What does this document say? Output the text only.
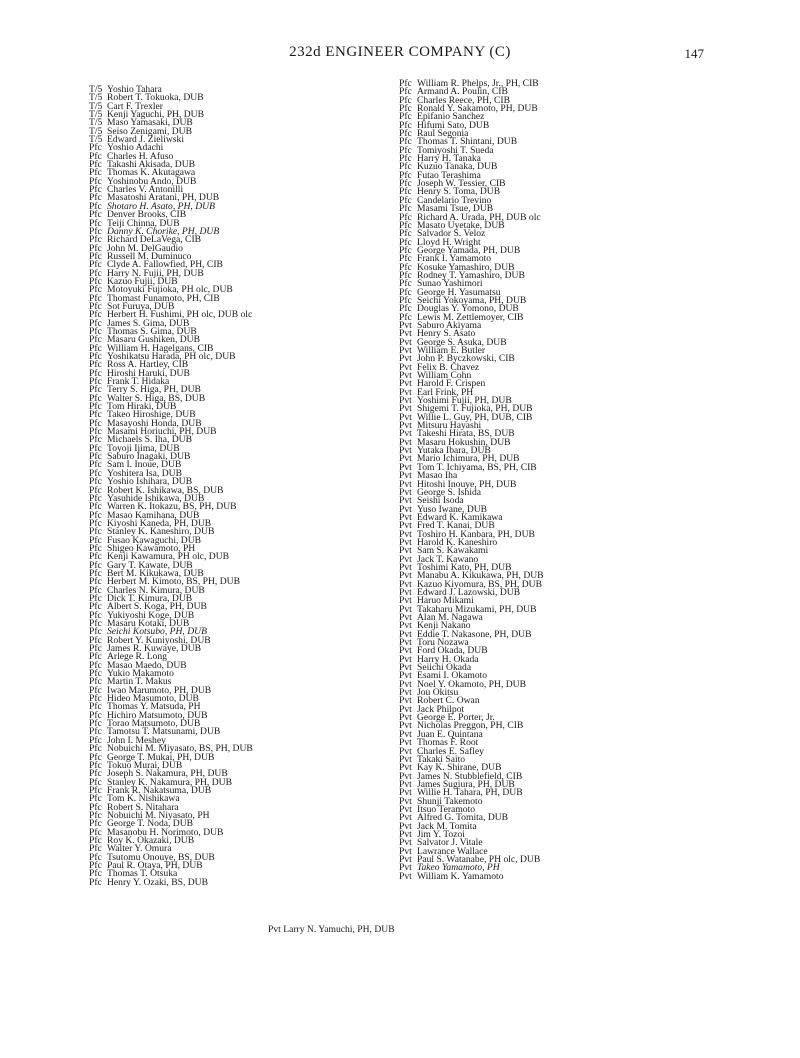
232d ENGINEER COMPANY (C)	147
T/5 Yoshio Tahara
T/5 Robert T. Tokuoka, DUB
T/5 Cart F. Trexler
T/5 Kenji Yaguchi, PH, DUB
T/5 Maso Yamasaki, DUB
T/5 Seiso Zenigami, DUB
T/5 Edward J. Zieliwski
Pfc Yoshio Adachi
Pfc Charles H. Afuso
Pfc Takashi Akisada, DUB
Pfc Thomas K. Akutagawa
Pfc Yoshinobu Ando, DUB
Pfc Charles V. Antonilli
Pfc Masatoshi Aratani, PH, DUB
Pfc Shotaro H. Asato, PH, DUB
Pfc Denver Brooks, CIB
Pfc Teiji Chinna, DUB
Pfc Danny K. Chorike, PH, DUB
Pfc Richard DeLaVega, CIB
Pfc John M. DelGaudio
Pfc Russell M. Duminuco
Pfc Clyde A. Fallowfied, PH, CIB
Pfc Harry N. Fujii, PH, DUB
Pfc Kazuo Fujii, DUB
Pfc Motoyuki Fujioka, PH olc, DUB
Pfc Thomast Funamoto, PH, CIB
Pfc Sot Furuya, DUB
Pfc Herbert H. Fushimi, PH olc, DUB olc
Pfc James S. Gima, DUB
Pfc Thomas S. Gima, DUB
Pfc Masaru Gushiken, DUB
Pfc William H. Hagelgans, CIB
Pfc Yoshikatsu Harada, PH olc, DUB
Pfc Ross A. Hartley, CIB
Pfc Hiroshi Haruki, DUB
Pfc Frank T. Hidaka
Pfc Terry S. Higa, PH, DUB
Pfc Walter S. Higa, BS, DUB
Pfc Tom Hiraki, DUB
Pfc Takeo Hiroshige, DUB
Pfc Masayoshi Honda, DUB
Pfc Masami Horiuchi, PH, DUB
Pfc Michaels S. Iha, DUB
Pfc Toyoji Ijima, DUB
Pfc Saburo Inagaki, DUB
Pfc Sam I. Inoue, DUB
Pfc Yoshitera Isa, DUB
Pfc Yoshio Ishihara, DUB
Pfc Robert K. Ishikawa, BS, DUB
Pfc Yasuhide Ishikawa, DUB
Pfc Warren K. Itokazu, BS, PH, DUB
Pfc Masao Kamihana, DUB
Pfc Kiyoshi Kaneda, PH, DUB
Pfc Stanley K. Kaneshiro, DUB
Pfc Fusao Kawaguchi, DUB
Pfc Shigeo Kawamoto, PH
Pfc Kenji Kawamura, PH olc, DUB
Pfc Gary T. Kawate, DUB
Pfc Bert M. Kikukawa, DUB
Pfc Herbert M. Kimoto, BS, PH, DUB
Pfc Charles N. Kimura, DUB
Pfc Dick T. Kimura, DUB
Pfc Albert S. Koga, PH, DUB
Pfc Yukiyoshi Koge, DUB
Pfc Masaru Kotaki, DUB
Pfc Seichi Kotsubo, PH, DUB
Pfc Robert Y. Kuniyoshi, DUB
Pfc James R. Kuwaye, DUB
Pfc Arlege R. Long
Pfc Masao Maedo, DUB
Pfc Yukio Makamoto
Pfc Martin T. Makus
Pfc Iwao Marumoto, PH, DUB
Pfc Hideo Masumoto, DUB
Pfc Thomas Y. Matsuda, PH
Pfc Hichiro Matsumoto, DUB
Pfc Torao Matsumoto, DUB
Pfc Tamotsu T. Matsunami, DUB
Pfc John I. Meshey
Pfc Nobuichi M. Miyasato, BS, PH, DUB
Pfc George T. Mukai, PH, DUB
Pfc Tokuo Murai, DUB
Pfc Joseph S. Nakamura, PH, DUB
Pfc Stanley K. Nakamura, PH, DUB
Pfc Frank R. Nakatsuma, DUB
Pfc Tom K. Nishikawa
Pfc Robert S. Nitahara
Pfc Nobuichi M. Niyasato, PH
Pfc George T. Noda, DUB
Pfc Masanobu H. Norimoto, DUB
Pfc Roy K. Okazaki, DUB
Pfc Walter Y. Omura
Pfc Tsutomu Onouye, BS, DUB
Pfc Paul R. Otaya, PH, DUB
Pfc Thomas T. Otsuka
Pfc Henry Y. Ozaki, BS, DUB
Pfc William R. Phelps, Jr., PH, CIB
Pfc Armand A. Poulin, CIB
Pfc Charles Reece, PH, CIB
Pfc Ronald Y. Sakamoto, PH, DUB
Pfc Epifanio Sanchez
Pfc Hifumi Sato, DUB
Pfc Raul Segonia
Pfc Thomas T. Shintani, DUB
Pfc Tomiyoshi T. Sueda
Pfc Harry H. Tanaka
Pfc Kuzuo Tanaka, DUB
Pfc Futao Terashima
Pfc Joseph W. Tessier, CIB
Pfc Henry S. Toma, DUB
Pfc Candelario Trevino
Pfc Masami Tsue, DUB
Pfc Richard A. Urada, PH, DUB olc
Pfc Masato Uyetake, DUB
Pfc Salvador S. Veloz
Pfc Lloyd H. Wright
Pfc George Yamada, PH, DUB
Pfc Frank I. Yamamoto
Pfc Kosuke Yamashiro, DUB
Pfc Rodney T. Yamashiro, DUB
Pfc Sunao Yashimori
Pfc George H. Yasumatsu
Pfc Seichi Yokoyama, PH, DUB
Pfc Douglas Y. Yomono, DUB
Pfc Lewis M. Zettlemoyer, CIB
Pvt Saburo Akiyama
Pvt Henry S. Asato
Pvt George S. Asuka, DUB
Pvt William E. Butler
Pvt John P. Byczkowski, CIB
Pvt Felix B. Chavez
Pvt William Cohn
Pvt Harold F. Crispen
Pvt Earl Frink, PH
Pvt Yoshimi Fujii, PH, DUB
Pvt Shigemi T. Fujioka, PH, DUB
Pvt Willie L. Guy, PH, DUB, CIB
Pvt Mitsuru Hayashi
Pvt Takeshi Hirata, BS, DUB
Pvt Masaru Hokushin, DUB
Pvt Yutaka Ibara, DUB
Pvt Mario Ichimura, PH, DUB
Pvt Tom T. Ichiyama, BS, PH, CIB
Pvt Masao Iha
Pvt Hitoshi Inouye, PH, DUB
Pvt George S. Ishida
Pvt Seishi Isoda
Pvt Yuso Iwane, DUB
Pvt Edward K. Kamikawa
Pvt Fred T. Kanai, DUB
Pvt Toshiro H. Kanbara, PH, DUB
Pvt Harold K. Kaneshiro
Pvt Sam S. Kawakami
Pvt Jack T. Kawano
Pvt Toshimi Kato, PH, DUB
Pvt Manabu A. Kikukawa, PH, DUB
Pvt Kazuo Kiyomura, BS, PH, DUB
Pvt Edward J. Lazowski, DUB
Pvt Haruo Mikami
Pvt Takaharu Mizukami, PH, DUB
Pvt Alan M. Nagawa
Pvt Kenji Nakano
Pvt Eddie T. Nakasone, PH, DUB
Pvt Toru Nozawa
Pvt Ford Okada, DUB
Pvt Harry H. Okada
Pvt Seiichi Okada
Pvt Esami I. Okamoto
Pvt Noel Y. Okamoto, PH, DUB
Pvt Jou Okitsu
Pvt Robert C. Owan
Pvt Jack Philpot
Pvt George E. Porter, Jr.
Pvt Nicholas Preggon, PH, CIB
Pvt Juan E. Quintana
Pvt Thomas F. Root
Pvt Charles E. Safley
Pvt Takaki Saito
Pvt Kay K. Shirane, DUB
Pvt James N. Stubblefield, CIB
Pvt James Sugiura, PH, DUB
Pvt Willie H. Tahara, PH, DUB
Pvt Shunji Takemoto
Pvt Itsuo Teramoto
Pvt Alfred G. Tomita, DUB
Pvt Jack M. Tomita
Pvt Jim Y. Tozoi
Pvt Salvator J. Vitale
Pvt Lawrance Wallace
Pvt Paul S. Watanabe, PH olc, DUB
Pvt Takeo Yamamoto, PH
Pvt William K. Yamamoto
Pvt Larry N. Yamuchi, PH, DUB
